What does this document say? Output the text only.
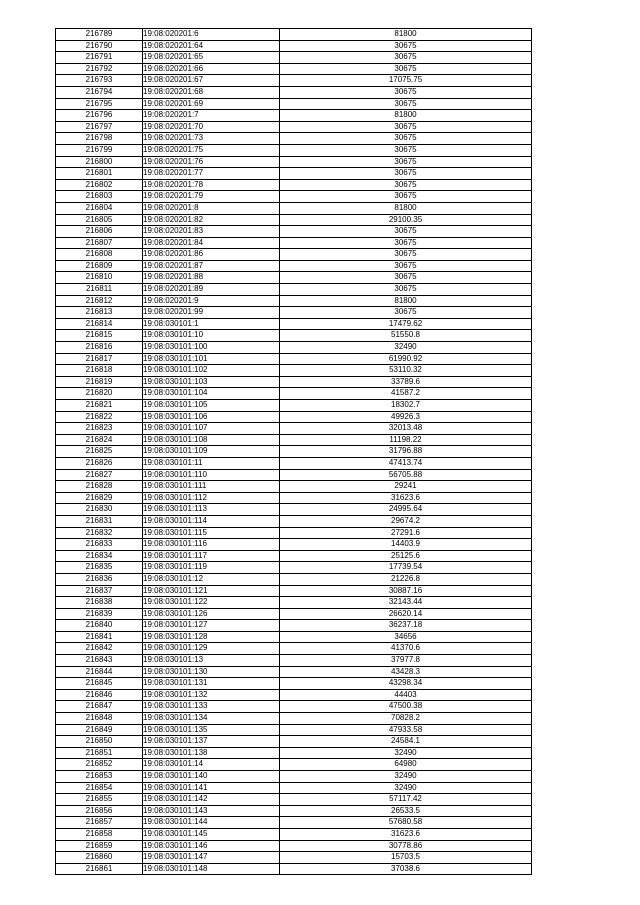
216789	19:08:020201:6	81800
216790	19:08:020201:64	30675
216791	19:08:020201:65	30675
216792	19:08:020201:66	30675
216793	19:08:020201:67	17075.75
216794	19:08:020201:68	30675
216795	19:08:020201:69	30675
216796	19:08:020201:7	81800
216797	19:08:020201:70	30675
216798	19:08:020201:73	30675
216799	19:08:020201:75	30675
216800	19:08:020201:76	30675
216801	19:08:020201:77	30675
216802	19:08:020201:78	30675
216803	19:08:020201:79	30675
216804	19:08:020201:8	81800
216805	19:08:020201:82	29100.35
216806	19:08:020201:83	30675
216807	19:08:020201:84	30675
216808	19:08:020201:86	30675
216809	19:08:020201:87	30675
216810	19:08:020201:88	30675
216811	19:08:020201:89	30675
216812	19:08:020201:9	81800
216813	19:08:020201:99	30675
216814	19:08:030101:1	17479.62
216815	19:08:030101:10	51550.8
216816	19:08:030101:100	32490
216817	19:08:030101:101	61990.92
216818	19:08:030101:102	53110.32
216819	19:08:030101:103	33789.6
216820	19:08:030101:104	41587.2
216821	19:08:030101:105	18302.7
216822	19:08:030101:106	49926.3
216823	19:08:030101:107	32013.48
216824	19:08:030101:108	11198.22
216825	19:08:030101:109	31796.88
216826	19:08:030101:11	47413.74
216827	19:08:030101:110	56705.88
216828	19:08:030101:111	29241
216829	19:08:030101:112	31623.6
216830	19:08:030101:113	24995.64
216831	19:08:030101:114	29674.2
216832	19:08:030101:115	27291.6
216833	19:08:030101:116	14403.9
216834	19:08:030101:117	25125.6
216835	19:08:030101:119	17739.54
216836	19:08:030101:12	21226.8
216837	19:08:030101:121	30887.16
216838	19:08:030101:122	32143.44
216839	19:08:030101:126	26620.14
216840	19:08:030101:127	36237.18
216841	19:08:030101:128	34656
216842	19:08:030101:129	41370.6
216843	19:08:030101:13	37977.8
216844	19:08:030101:130	43428.3
216845	19:08:030101:131	43298.34
216846	19:08:030101:132	44403
216847	19:08:030101:133	47500.38
216848	19:08:030101:134	70828.2
216849	19:08:030101:135	47933.58
216850	19:08:030101:137	24584.1
216851	19:08:030101:138	32490
216852	19:08:030101:14	64980
216853	19:08:030101:140	32490
216854	19:08:030101:141	32490
216855	19:08:030101:142	57117.42
216856	19:08:030101:143	26533.5
216857	19:08:030101:144	57680.58
216858	19:08:030101:145	31623.6
216859	19:08:030101:146	30778.86
216860	19:08:030101:147	15703.5
216861	19:08:030101:148	37038.6
